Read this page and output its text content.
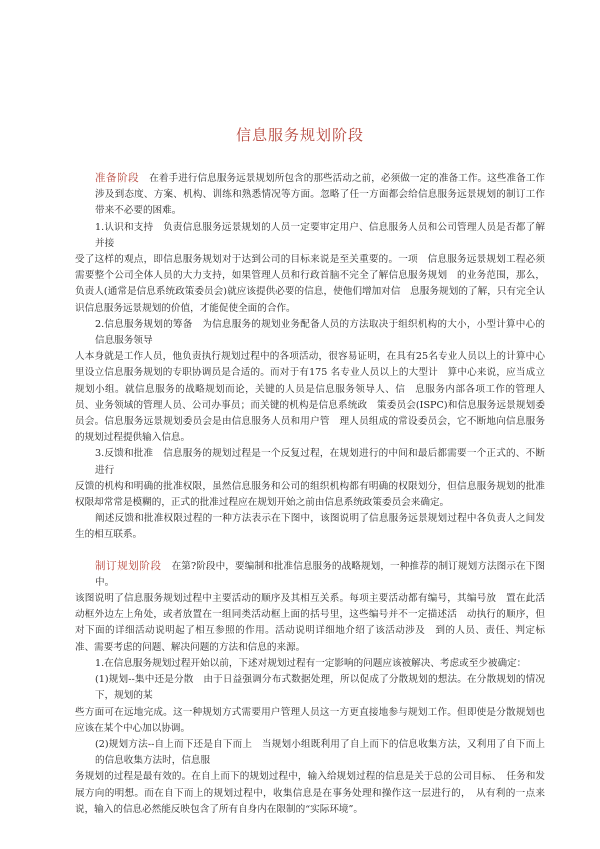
信息服务规划阶段

准备阶段 在着手进行信息服务远景规划所包含的那些活动之前，必须做一定的准备工作。这些准备工作涉及到态度、方案、机构、训练和熟悉情况等方面。忽略了任一方面都会给信息服务远景规划的制订工作带来不必要的困难。

1.认识和支持　负责信息服务远景规划的人员一定要审定用户、信息服务人员和公司管理人员是否都了解并接

受了这样的观点，即信息服务规划对于达到公司的目标来说是至关重要的。一项　信息服务远景规划工程必须需要整个公司全体人员的大力支持，如果管理人员和行政首脑不完全了解信息服务规划　的业务范围，那么，负责人(通常是信息系统政策委员会)就应该提供必要的信息，使他们增加对信　息服务规划的了解，只有完全认识信息服务远景规划的价值，才能促使全面的合作。

2.信息服务规划的筹备　为信息服务的规划业务配备人员的方法取决于组织机构的大小，小型计算中心的信息服务领导

人本身就是工作人员，他负责执行规划过程中的各项活动，很容易证明，在具有25名专业人员以上的计算中心里设立信息服务规划的专职协调员是合适的。而对于有175 名专业人员以上的大型计　算中心来说，应当成立规划小组。就信息服务的战略规划而论，关键的人员是信息服务领导人、信　息服务内部各项工作的管理人员、业务领域的管理人员、公司办事员；而关键的机构是信息系统政　策委员会(ISPC)和信息服务远景规划委员会。信息服务远景规划委员会是由信息服务人员和用户管　理人员组成的常设委员会，它不断地向信息服务的规划过程提供输入信息。

3.反馈和批准　信息服务的规划过程是一个反复过程，在规划进行的中间和最后都需要一个正式的、不断进行

反馈的机构和明确的批准权限，虽然信息服务和公司的组织机构都有明确的权限划分，但信息服务规划的批准权限却常常是模糊的，正式的批准过程应在规划开始之前由信息系统政策委员会来确定。

阐述反馈和批准权限过程的一种方法表示在下图中，该图说明了信息服务远景规划过程中各负责人之间发生的相互联系。

制订规划阶段 在第?阶段中，要编制和批准信息服务的战略规划，一种推荐的制订规划方法图示在下图中。

该图说明了信息服务规划过程中主要活动的顺序及其相互关系。每项主要活动都有编号，其编号放　置在此活动框外边左上角处，或者放置在一组同类活动框上面的括号里，这些编号并不一定描述活　动执行的顺序，但对下面的详细活动说明起了相互参照的作用。活动说明详细地介绍了该活动涉及　到的人员、责任、判定标准、需要考虑的问题、解决问题的方法和信息的来源。

1.在信息服务规划过程开始以前，下述对规划过程有一定影响的问题应该被解决、考虑或至少被确定：

(1)规划--集中还是分散　由于日益强调分布式数据处理，所以促成了分散规划的想法。在分散规划的情况下，规划的某

些方面可在远地完成。这一种规划方式需要用户管理人员这一方更直接地参与规划工作。但即使是分散规划也应该在某个中心加以协调。

(2)规划方法--自上而下还是自下而上　当规划小组既利用了自上而下的信息收集方法，又利用了自下而上的信息收集方法时，信息服

务规划的过程是最有效的。在自上而下的规划过程中，输入给规划过程的信息是关于总的公司目标、　任务和发展方向的明想。而在自下而上的规划过程中，收集信息是在事务处理和操作这一层进行的，　从有利的一点来说，输入的信息必然能反映包含了所有自身内在限制的“实际环境”。
